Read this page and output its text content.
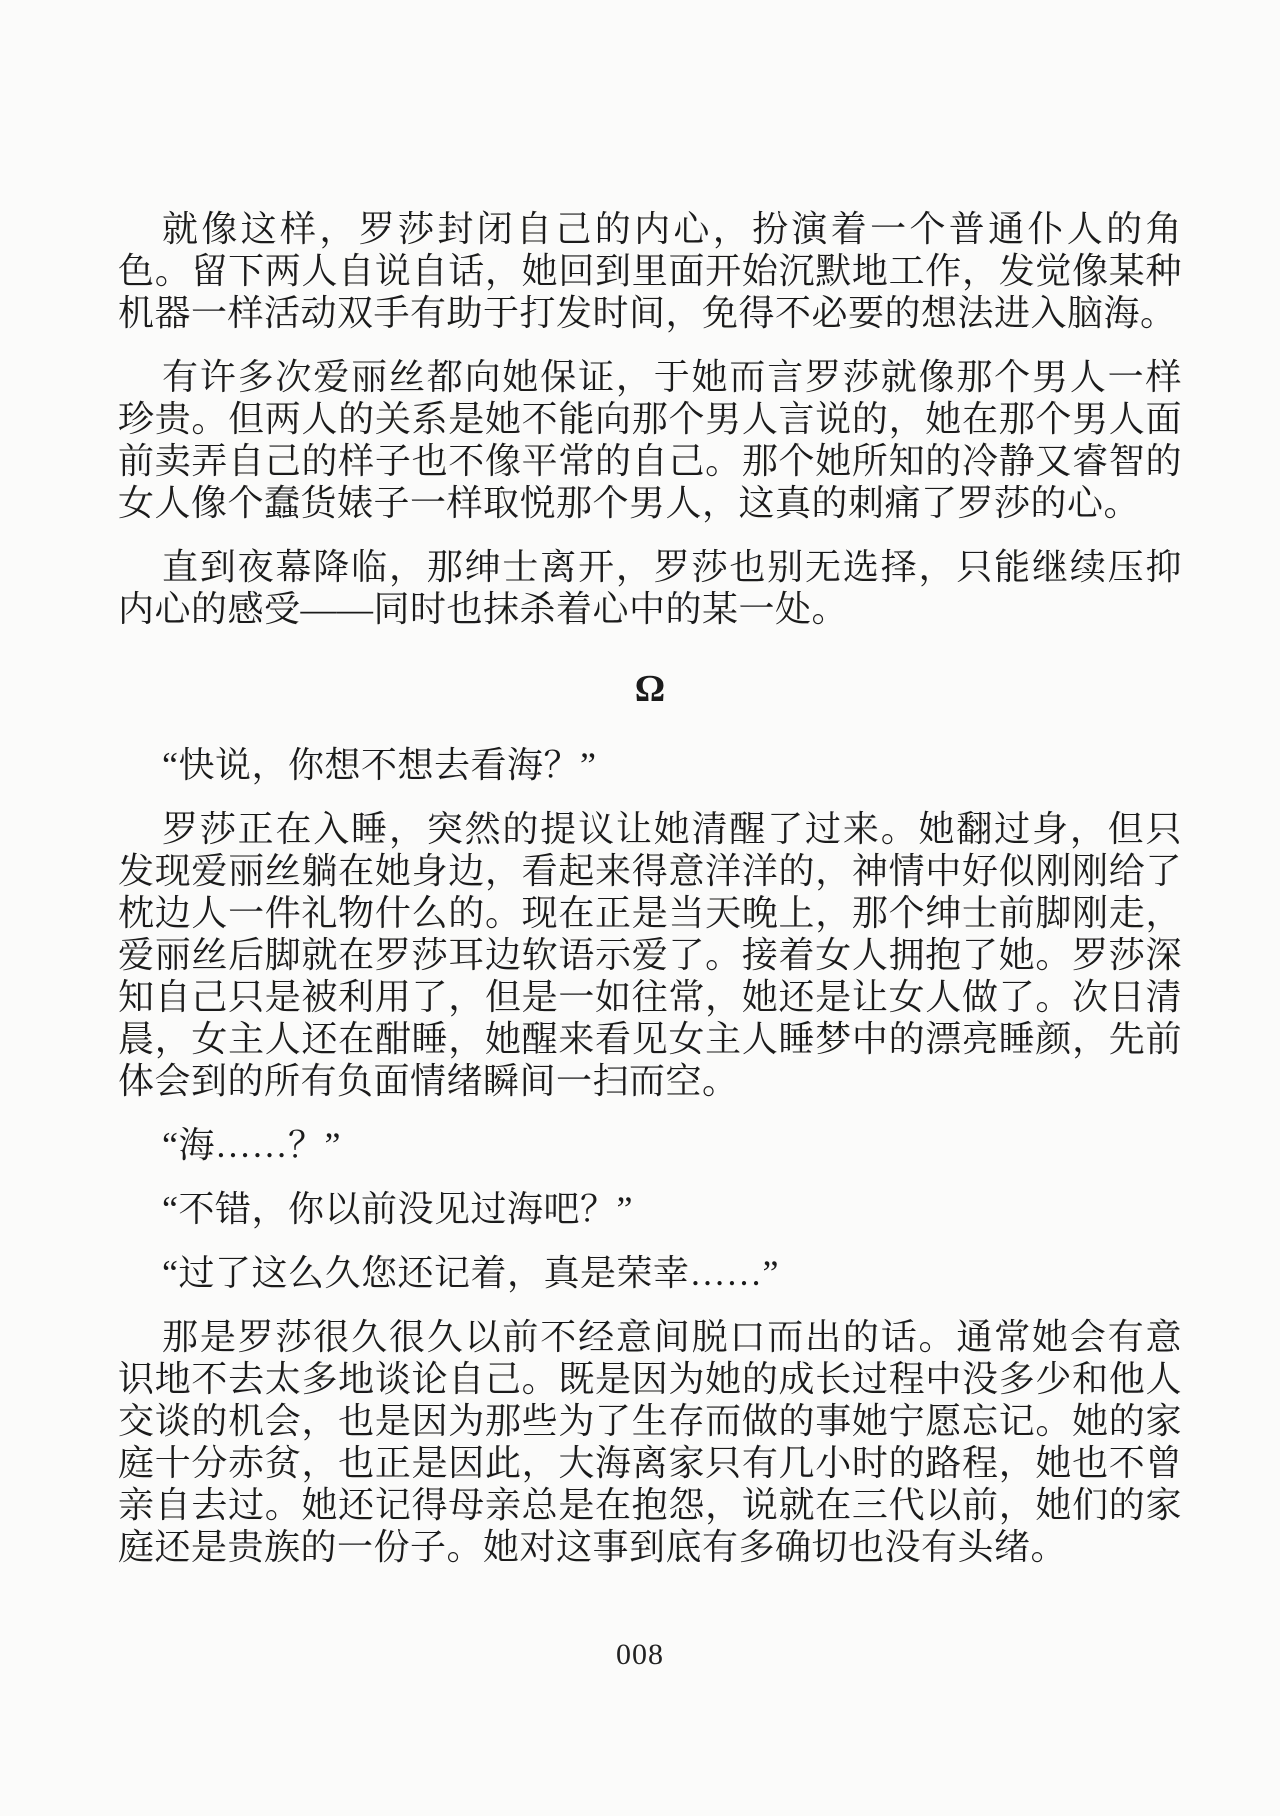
就像这样，罗莎封闭自己的内心，扮演着一个普通仆人的角色。留下两人自说自话，她回到里面开始沉默地工作，发觉像某种机器一样活动双手有助于打发时间，免得不必要的想法进入脑海。

有许多次爱丽丝都向她保证，于她而言罗莎就像那个男人一样珍贵。但两人的关系是她不能向那个男人言说的，她在那个男人面前卖弄自己的样子也不像平常的自己。那个她所知的冷静又睿智的女人像个蠢货婊子一样取悦那个男人，这真的刺痛了罗莎的心。

直到夜幕降临，那绅士离开，罗莎也别无选择，只能继续压抑内心的感受——同时也抹杀着心中的某一处。

Ω

“快说，你想不想去看海？”

罗莎正在入睡，突然的提议让她清醒了过来。她翻过身，但只发现爱丽丝躺在她身边，看起来得意洋洋的，神情中好似刚刚给了枕边人一件礼物什么的。现在正是当天晚上，那个绅士前脚刚走，爱丽丝后脚就在罗莎耳边软语示爱了。接着女人拥抱了她。罗莎深知自己只是被利用了，但是一如往常，她还是让女人做了。次日清晨，女主人还在酣睡，她醒来看见女主人睡梦中的漂亮睡颜，先前体会到的所有负面情绪瞬间一扫而空。

“海……？”

“不错，你以前没见过海吧？”

“过了这么久您还记着，真是荣幸……”

那是罗莎很久很久以前不经意间脱口而出的话。通常她会有意识地不去太多地谈论自己。既是因为她的成长过程中没多少和他人交谈的机会，也是因为那些为了生存而做的事她宁愿忘记。她的家庭十分赤贫，也正是因此，大海离家只有几小时的路程，她也不曾亲自去过。她还记得母亲总是在抱怨，说就在三代以前，她们的家庭还是贵族的一份子。她对这事到底有多确切也没有头绪。

008
